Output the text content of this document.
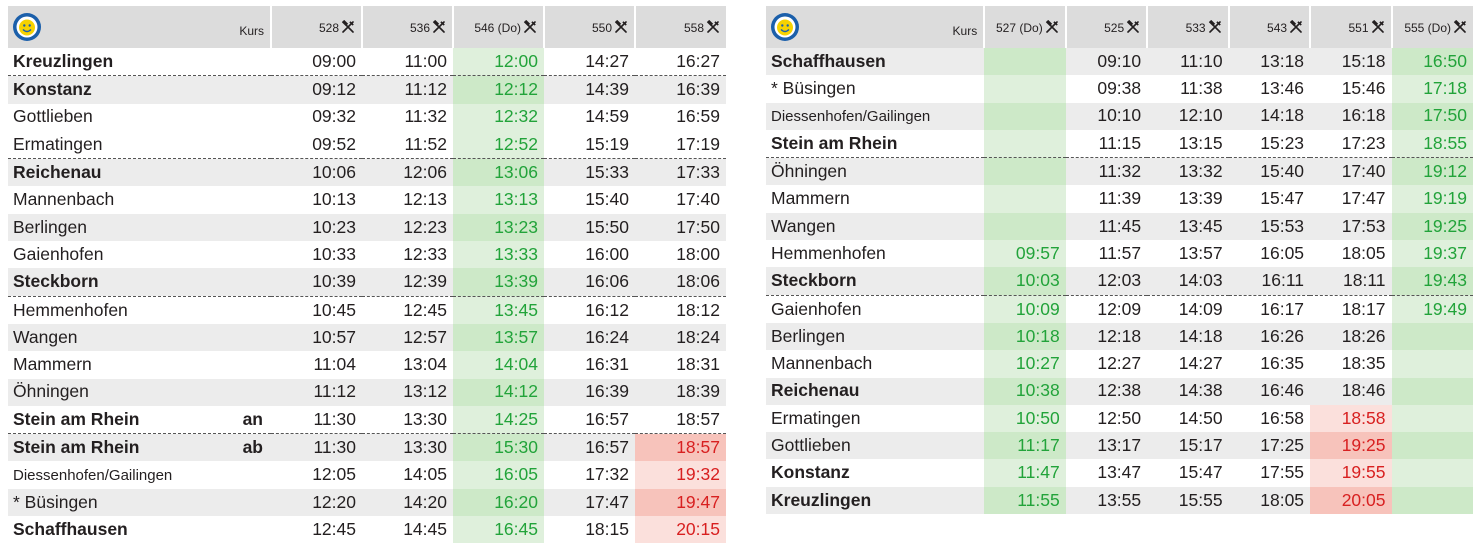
Kurs	528	536	546 (Do)	550	558
Kreuzlingen	09:00	11:00	12:00	14:27	16:27
Konstanz	09:12	11:12	12:12	14:39	16:39
Gottlieben	09:32	11:32	12:32	14:59	16:59
Ermatingen	09:52	11:52	12:52	15:19	17:19
Reichenau	10:06	12:06	13:06	15:33	17:33
Mannenbach	10:13	12:13	13:13	15:40	17:40
Berlingen	10:23	12:23	13:23	15:50	17:50
Gaienhofen	10:33	12:33	13:33	16:00	18:00
Steckborn	10:39	12:39	13:39	16:06	18:06
Hemmenhofen	10:45	12:45	13:45	16:12	18:12
Wangen	10:57	12:57	13:57	16:24	18:24
Mammern	11:04	13:04	14:04	16:31	18:31
Öhningen	11:12	13:12	14:12	16:39	18:39
Stein am Rhein an	11:30	13:30	14:25	16:57	18:57
Stein am Rhein ab	11:30	13:30	15:30	16:57	18:57
Diessenhofen/Gailingen	12:05	14:05	16:05	17:32	19:32
* Büsingen	12:20	14:20	16:20	17:47	19:47
Schaffhausen	12:45	14:45	16:45	18:15	20:15
Kurs	527 (Do)	525	533	543	551	555 (Do)
Schaffhausen		09:10	11:10	13:18	15:18	16:50
* Büsingen		09:38	11:38	13:46	15:46	17:18
Diessenhofen/Gailingen		10:10	12:10	14:18	16:18	17:50
Stein am Rhein		11:15	13:15	15:23	17:23	18:55
Öhningen		11:32	13:32	15:40	17:40	19:12
Mammern		11:39	13:39	15:47	17:47	19:19
Wangen		11:45	13:45	15:53	17:53	19:25
Hemmenhofen	09:57	11:57	13:57	16:05	18:05	19:37
Steckborn	10:03	12:03	14:03	16:11	18:11	19:43
Gaienhofen	10:09	12:09	14:09	16:17	18:17	19:49
Berlingen	10:18	12:18	14:18	16:26	18:26	
Mannenbach	10:27	12:27	14:27	16:35	18:35	
Reichenau	10:38	12:38	14:38	16:46	18:46	
Ermatingen	10:50	12:50	14:50	16:58	18:58	
Gottlieben	11:17	13:17	15:17	17:25	19:25	
Konstanz	11:47	13:47	15:47	17:55	19:55	
Kreuzlingen	11:55	13:55	15:55	18:05	20:05	
